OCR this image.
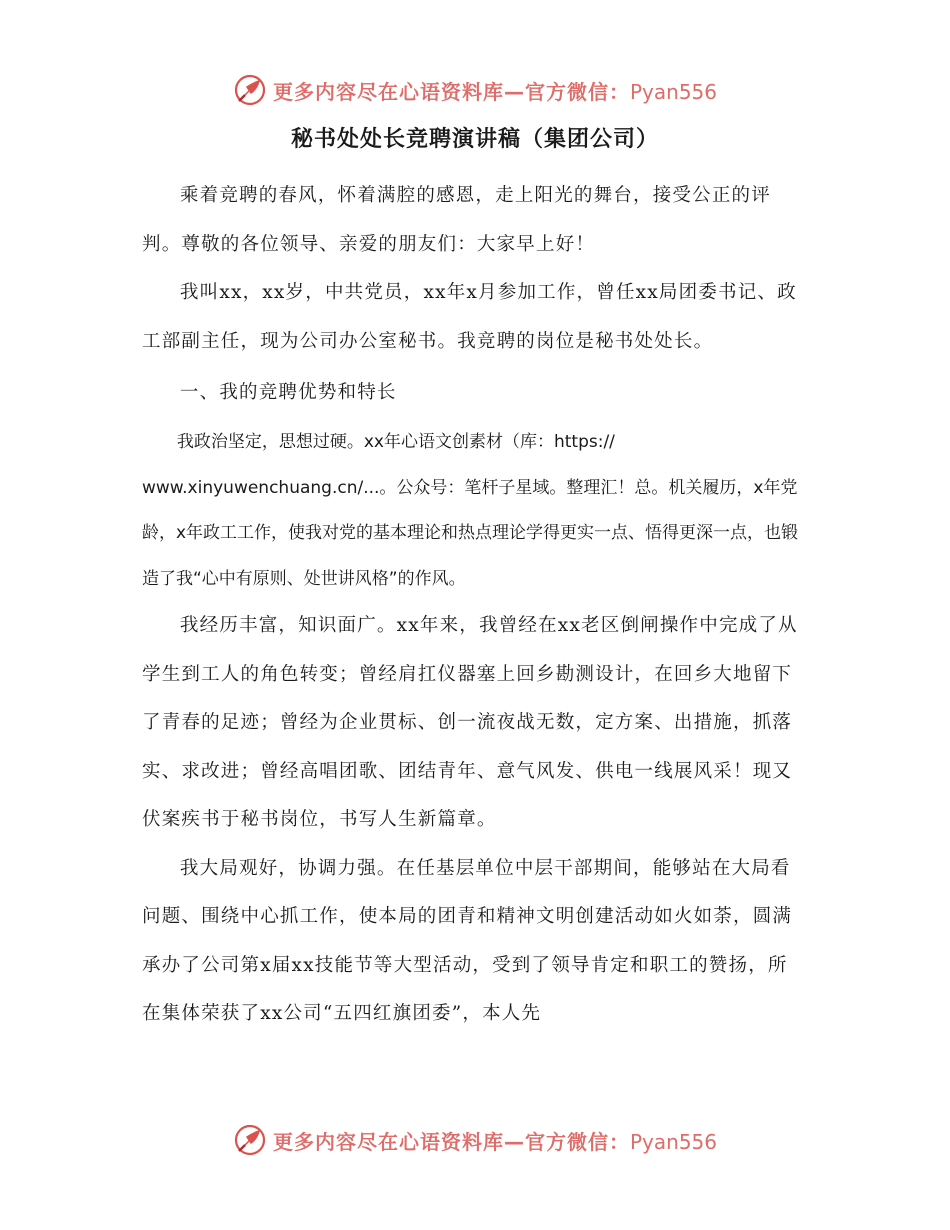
更多内容尽在心语资料库—官方微信：Pyan556
秘书处处长竞聘演讲稿（集团公司）

乘着竞聘的春风，怀着满腔的感恩，走上阳光的舞台，接受公正的评判。尊敬的各位领导、亲爱的朋友们：大家早上好！

我叫xx，xx岁，中共党员，xx年x月参加工作，曾任xx局团委书记、政工部副主任，现为公司办公室秘书。我竞聘的岗位是秘书处处长。

一、我的竞聘优势和特长

我政治坚定，思想过硬。xx年心语文创素材（库：https:// www.xinyuwenchuang.cn/...。公众号：笔杆子星域。整理汇！总。机关履历，x年党龄，x年政工工作，使我对党的基本理论和热点理论学得更实一点、悟得更深一点，也锻造了我“心中有原则、处世讲风格”的作风。

我经历丰富，知识面广。xx年来，我曾经在xx老区倒闸操作中完成了从学生到工人的角色转变；曾经肩扛仪器塞上回乡勘测设计，在回乡大地留下了青春的足迹；曾经为企业贯标、创一流夜战无数，定方案、出措施，抓落实、求改进；曾经高唱团歌、团结青年、意气风发、供电一线展风采！现又伏案疾书于秘书岗位，书写人生新篇章。

我大局观好，协调力强。在任基层单位中层干部期间，能够站在大局看问题、围绕中心抓工作，使本局的团青和精神文明创建活动如火如荼，圆满承办了公司第x届xx技能节等大型活动，受到了领导肯定和职工的赞扬，所在集体荣获了xx公司“五四红旗团委”，本人先

更多内容尽在心语资料库—官方微信：Pyan556
